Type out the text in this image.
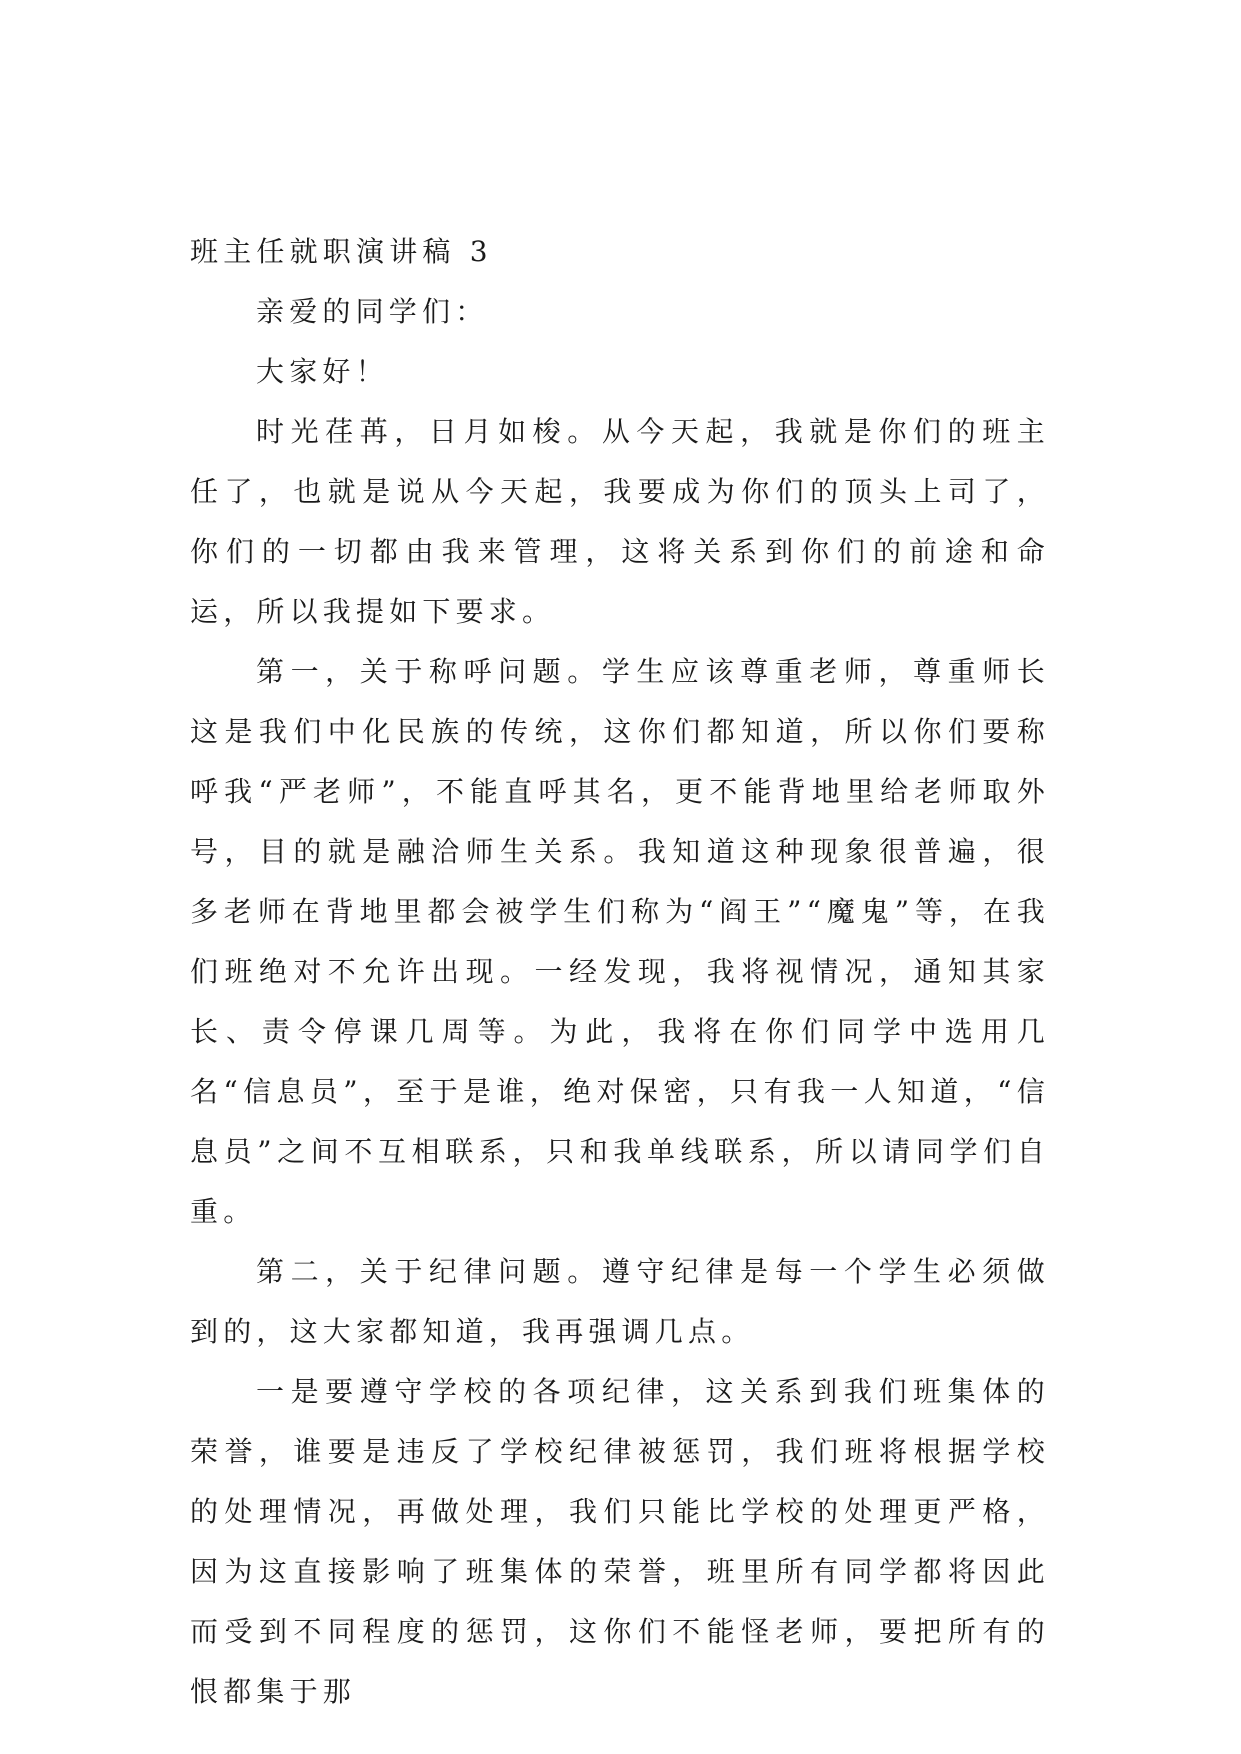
班主任就职演讲稿 3

亲爱的同学们：

大家好！

时光荏苒，日月如梭。从今天起，我就是你们的班主任了，也就是说从今天起，我要成为你们的顶头上司了，你们的一切都由我来管理，这将关系到你们的前途和命运，所以我提如下要求。

第一，关于称呼问题。学生应该尊重老师，尊重师长这是我们中化民族的传统，这你们都知道，所以你们要称呼我“严老师”，不能直呼其名，更不能背地里给老师取外号，目的就是融洽师生关系。我知道这种现象很普遍，很多老师在背地里都会被学生们称为“阎王”“魔鬼”等，在我们班绝对不允许出现。一经发现，我将视情况，通知其家长、责令停课几周等。为此，我将在你们同学中选用几名“信息员”，至于是谁，绝对保密，只有我一人知道，“信息员”之间不互相联系，只和我单线联系，所以请同学们自重。

第二，关于纪律问题。遵守纪律是每一个学生必须做到的，这大家都知道，我再强调几点。

一是要遵守学校的各项纪律，这关系到我们班集体的荣誉，谁要是违反了学校纪律被惩罚，我们班将根据学校的处理情况，再做处理，我们只能比学校的处理更严格，因为这直接影响了班集体的荣誉，班里所有同学都将因此而受到不同程度的惩罚，这你们不能怪老师，要把所有的恨都集于那
